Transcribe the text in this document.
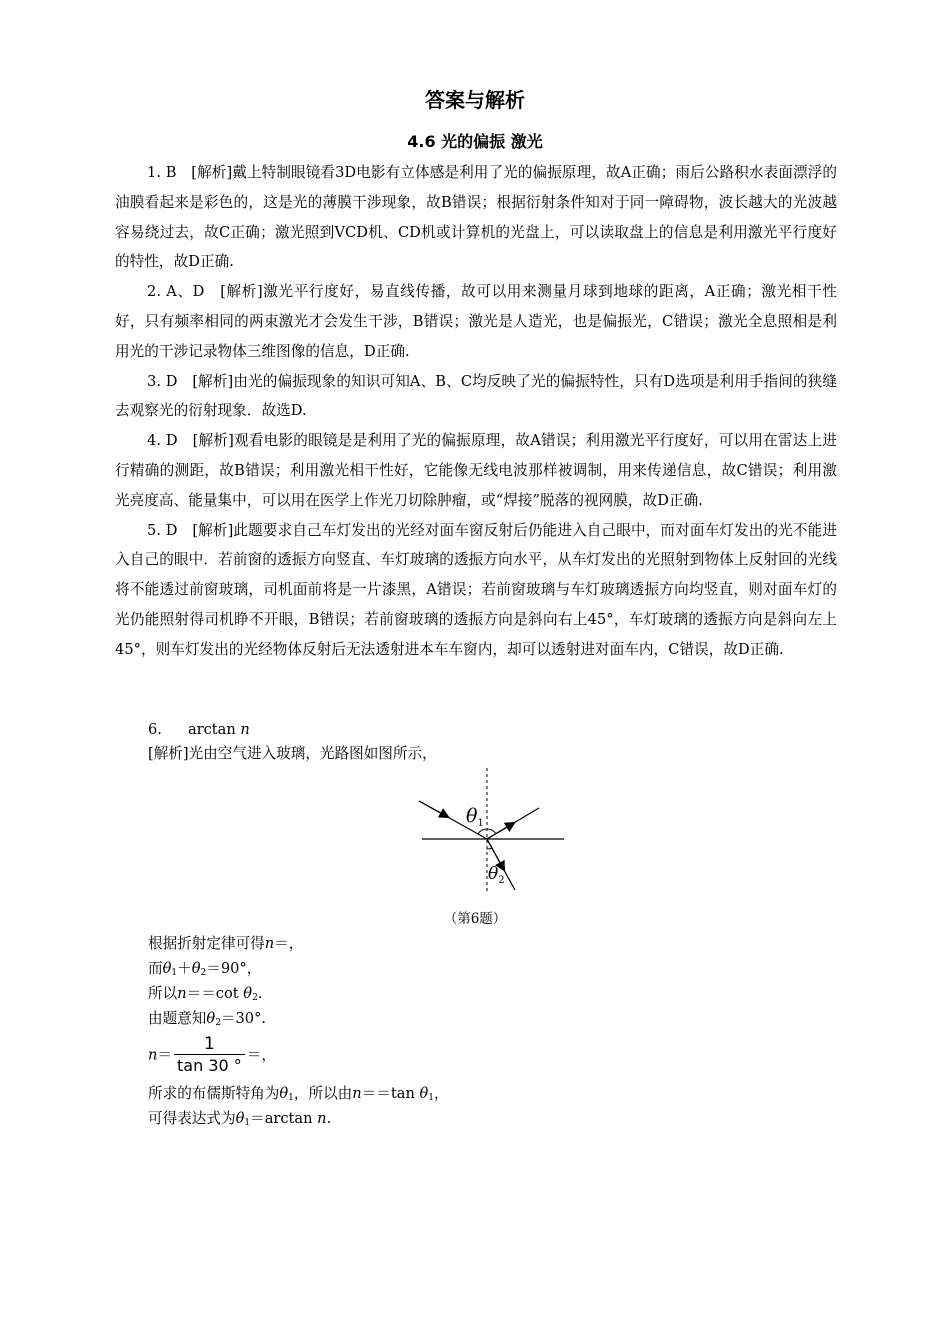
答案与解析
4.6 光的偏振 激光

1. B　[解析]戴上特制眼镜看3D电影有立体感是利用了光的偏振原理，故A正确；雨后公路积水表面漂浮的油膜看起来是彩色的，这是光的薄膜干涉现象，故B错误；根据衍射条件知对于同一障碍物，波长越大的光波越容易绕过去，故C正确；激光照到VCD机、CD机或计算机的光盘上，可以读取盘上的信息是利用激光平行度好的特性，故D正确.

2. A、D　[解析]激光平行度好，易直线传播，故可以用来测量月球到地球的距离，A正确；激光相干性好，只有频率相同的两束激光才会发生干涉，B错误；激光是人造光，也是偏振光，C错误；激光全息照相是利用光的干涉记录物体三维图像的信息，D正确.

3. D　[解析]由光的偏振现象的知识可知A、B、C均反映了光的偏振特性，只有D选项是利用手指间的狭缝去观察光的衍射现象．故选D.

4. D　[解析]观看电影的眼镜是是利用了光的偏振原理，故A错误；利用激光平行度好，可以用在雷达上进行精确的测距，故B错误；利用激光相干性好，它能像无线电波那样被调制，用来传递信息，故C错误；利用激光亮度高、能量集中，可以用在医学上作光刀切除肿瘤，或“焊接”脱落的视网膜，故D正确.

5. D　[解析]此题要求自己车灯发出的光经对面车窗反射后仍能进入自己眼中，而对面车灯发出的光不能进入自己的眼中．若前窗的透振方向竖直、车灯玻璃的透振方向水平，从车灯发出的光照射到物体上反射回的光线将不能透过前窗玻璃，司机面前将是一片漆黑，A错误；若前窗玻璃与车灯玻璃透振方向均竖直，则对面车灯的光仍能照射得司机睁不开眼，B错误；若前窗玻璃的透振方向是斜向右上45°，车灯玻璃的透振方向是斜向左上45°，则车灯发出的光经物体反射后无法透射进本车车窗内，却可以透射进对面车内，C错误，故D正确.

6. arctan n
[解析]光由空气进入玻璃，光路图如图所示，
$\theta_1$
$\theta_2$
（第6题）
根据折射定律可得n＝，
而$\theta_1+\theta_2=90^\circ$，
所以n＝＝cot $\theta_2$.
由题意知$\theta_2=30^\circ$.
$n= \frac{1}{\tan 30 ^\circ}$ ＝，
所求的布儒斯特角为$\theta_1$，所以由n＝＝tan $\theta_1$，
可得表达式为$\theta_1=\arctan$ n.
